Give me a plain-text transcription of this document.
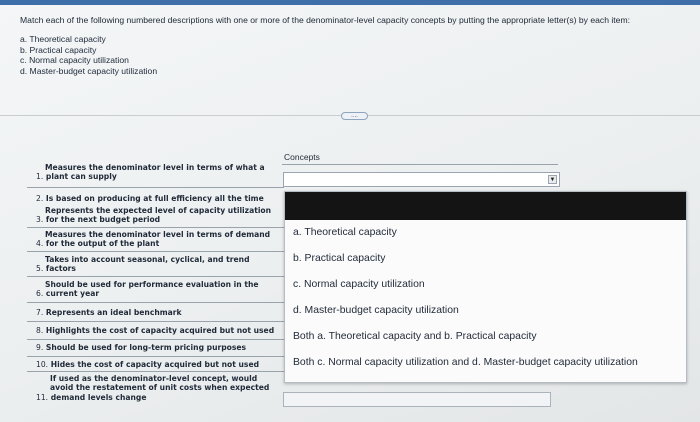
Match each of the following numbered descriptions with one or more of the denominator-level capacity concepts by putting the appropriate letter(s) by each item:
a. Theoretical capacity
b. Practical capacity
c. Normal capacity utilization
d. Master-budget capacity utilization
....
Measures the denominator level in terms of what a
1. plant can supply
2. Is based on producing at full efficiency all the time
Represents the expected level of capacity utilization
3. for the next budget period
Measures the denominator level in terms of demand
4. for the output of the plant
Takes into account seasonal, cyclical, and trend
5. factors
Should be used for performance evaluation in the
6. current year
7. Represents an ideal benchmark
8. Highlights the cost of capacity acquired but not used
9. Should be used for long-term pricing purposes
10. Hides the cost of capacity acquired but not used
If used as the denominator-level concept, would
avoid the restatement of unit costs when expected
11. demand levels change
Concepts
▼
a. Theoretical capacity
b. Practical capacity
c. Normal capacity utilization
d. Master-budget capacity utilization
Both a. Theoretical capacity and b. Practical capacity
Both c. Normal capacity utilization and d. Master-budget capacity utilization
